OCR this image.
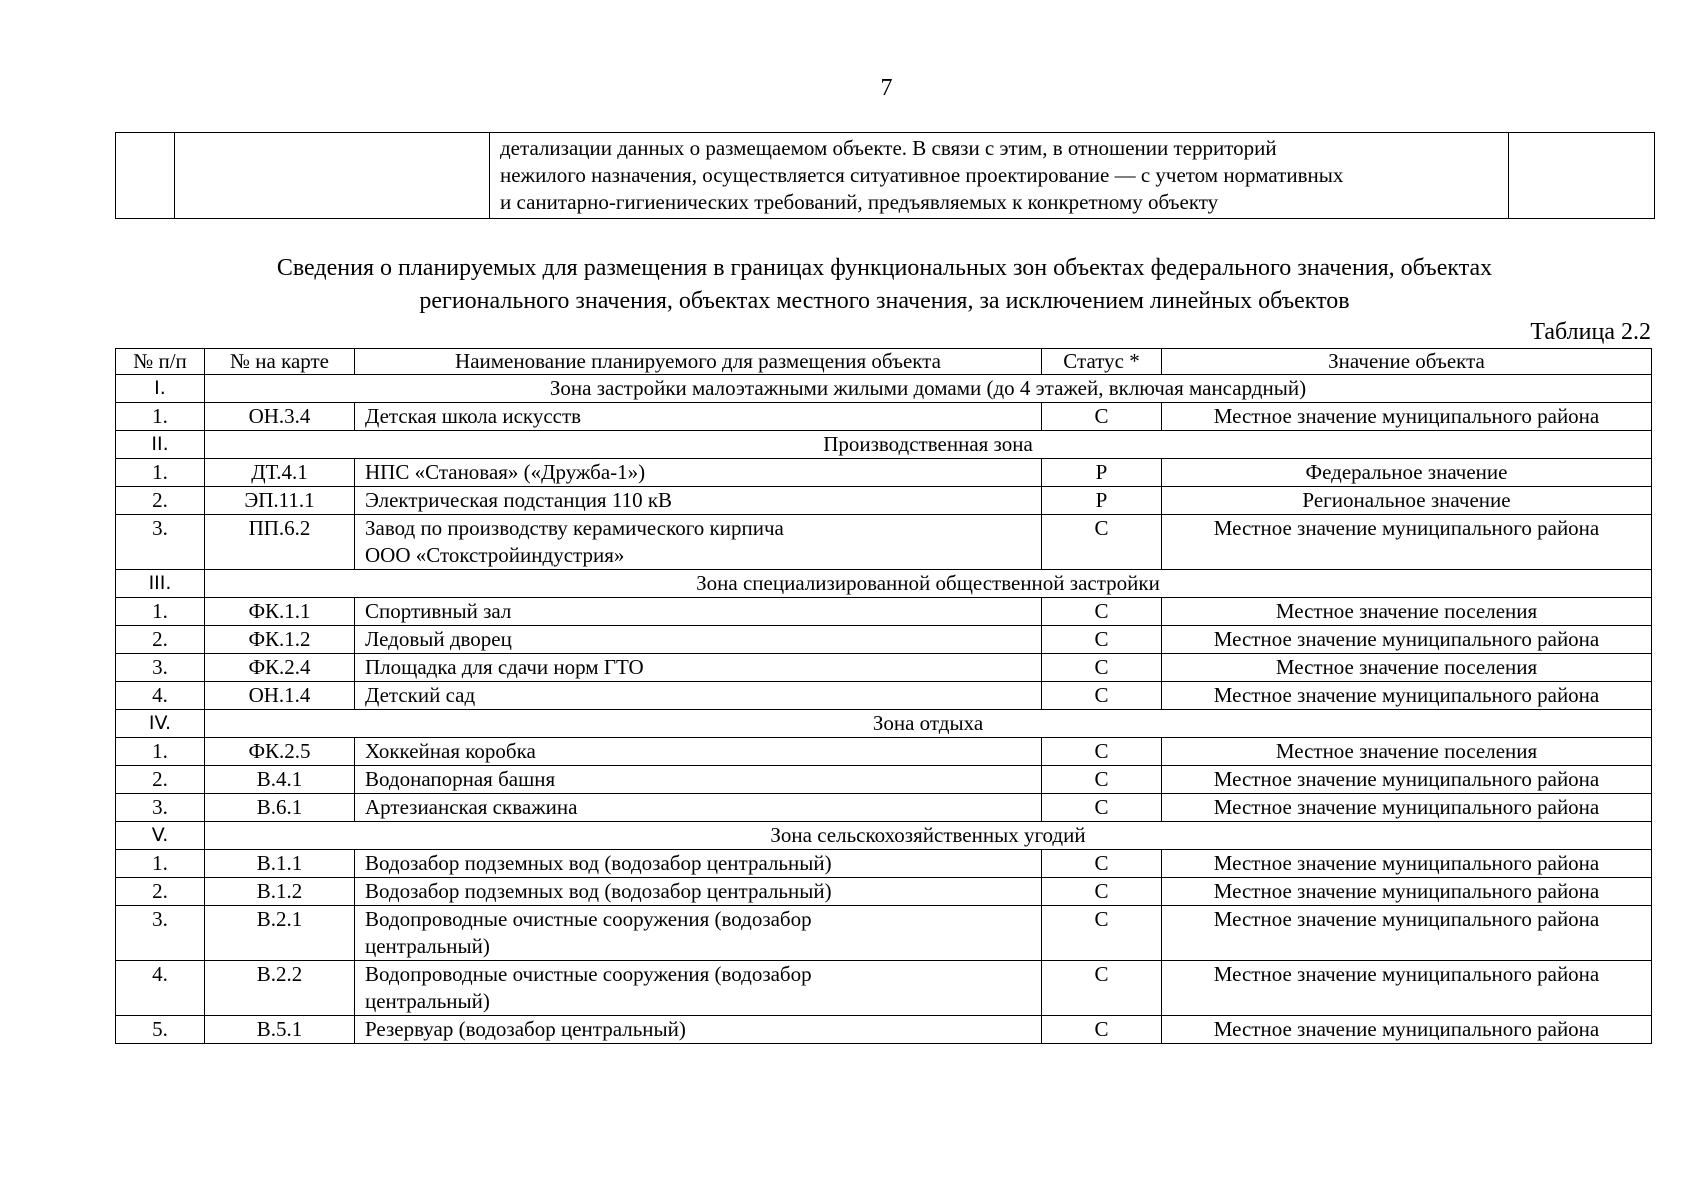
7

детализации данных о размещаемом объекте. В связи с этим, в отношении территорий
нежилого назначения, осуществляется ситуативное проектирование — с учетом нормативных
и санитарно-гигиенических требований, предъявляемых к конкретному объекту

Сведения о планируемых для размещения в границах функциональных зон объектах федерального значения, объектах
регионального значения, объектах местного значения, за исключением линейных объектов
Таблица 2.2
№ п/п	№ на карте	Наименование планируемого для размещения объекта	Статус *	Значение объекта
I.	Зона застройки малоэтажными жилыми домами (до 4 этажей, включая мансардный)			
1.	ОН.3.4	Детская школа искусств	С	Местное значение муниципального района
II.	Производственная зона			
1.	ДТ.4.1	НПС «Становая» («Дружба-1»)	Р	Федеральное значение
2.	ЭП.11.1	Электрическая подстанция 110 кВ	Р	Региональное значение
3.	ПП.6.2	Завод по производству керамического кирпича
ООО «Стокстройиндустрия»	С	Местное значение муниципального района
III.	Зона специализированной общественной застройки			
1.	ФК.1.1	Спортивный зал	С	Местное значение поселения
2.	ФК.1.2	Ледовый дворец	С	Местное значение муниципального района
3.	ФК.2.4	Площадка для сдачи норм ГТО	С	Местное значение поселения
4.	ОН.1.4	Детский сад	С	Местное значение муниципального района
IV.	Зона отдыха			
1.	ФК.2.5	Хоккейная коробка	С	Местное значение поселения
2.	В.4.1	Водонапорная башня	С	Местное значение муниципального района
3.	В.6.1	Артезианская скважина	С	Местное значение муниципального района
V.	Зона сельскохозяйственных угодий			
1.	В.1.1	Водозабор подземных вод (водозабор центральный)	С	Местное значение муниципального района
2.	В.1.2	Водозабор подземных вод (водозабор центральный)	С	Местное значение муниципального района
3.	В.2.1	Водопроводные очистные сооружения (водозабор
центральный)	С	Местное значение муниципального района
4.	В.2.2	Водопроводные очистные сооружения (водозабор
центральный)	С	Местное значение муниципального района
5.	В.5.1	Резервуар (водозабор центральный)	С	Местное значение муниципального района
